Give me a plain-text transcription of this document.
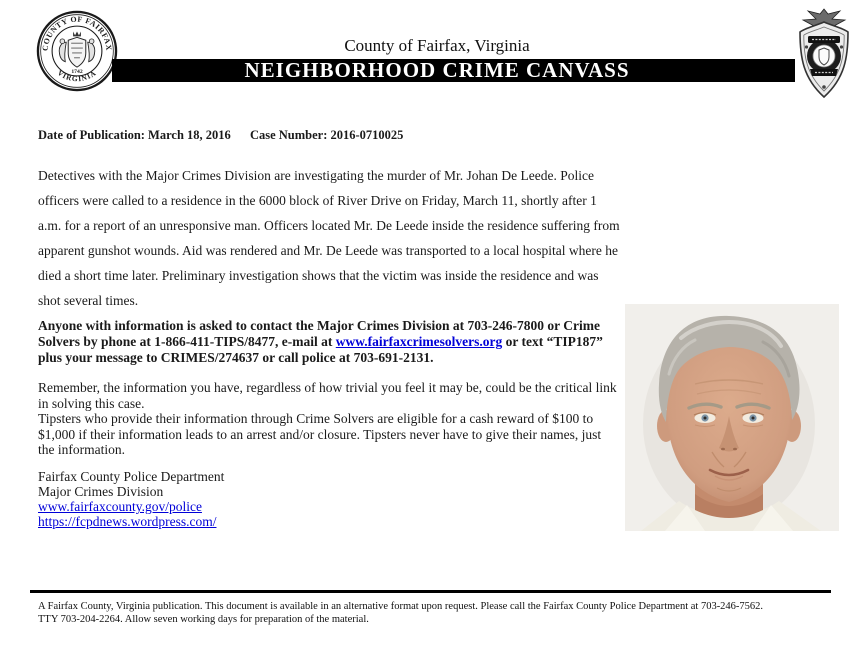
COUNTY OF FAIRFAX
VIRGINIA
1742
County of Fairfax, Virginia
NEIGHBORHOOD CRIME CANVASS
Date of Publication: March 18, 2016 Case Number: 2016-0710025

Detectives with the Major Crimes Division are investigating the murder of Mr. Johan De Leede. Police officers were called to a residence in the 6000 block of River Drive on Friday, March 11, shortly after 1 a.m. for a report of an unresponsive man. Officers located Mr. De Leede inside the residence suffering from apparent gunshot wounds. Aid was rendered and Mr. De Leede was transported to a local hospital where he died a short time later. Preliminary investigation shows that the victim was inside the residence and was shot several times.

Anyone with information is asked to contact the Major Crimes Division at 703-246-7800 or Crime Solvers by phone at 1-866-411-TIPS/8477, e-mail at www.fairfaxcrimesolvers.org or text “TIP187” plus your message to CRIMES/274637 or call police at 703-691-2131.

Remember, the information you have, regardless of how trivial you feel it may be, could be the critical link in solving this case.
Tipsters who provide their information through Crime Solvers are eligible for a cash reward of $100 to $1,000 if their information leads to an arrest and/or closure. Tipsters never have to give their names, just the information.
Fairfax County Police Department
Major Crimes Division
www.fairfaxcounty.gov/police
https://fcpdnews.wordpress.com/
A Fairfax County, Virginia publication. This document is available in an alternative format upon request. Please call the Fairfax County Police Department at 703-246-7562.
TTY 703-204-2264. Allow seven working days for preparation of the material.
